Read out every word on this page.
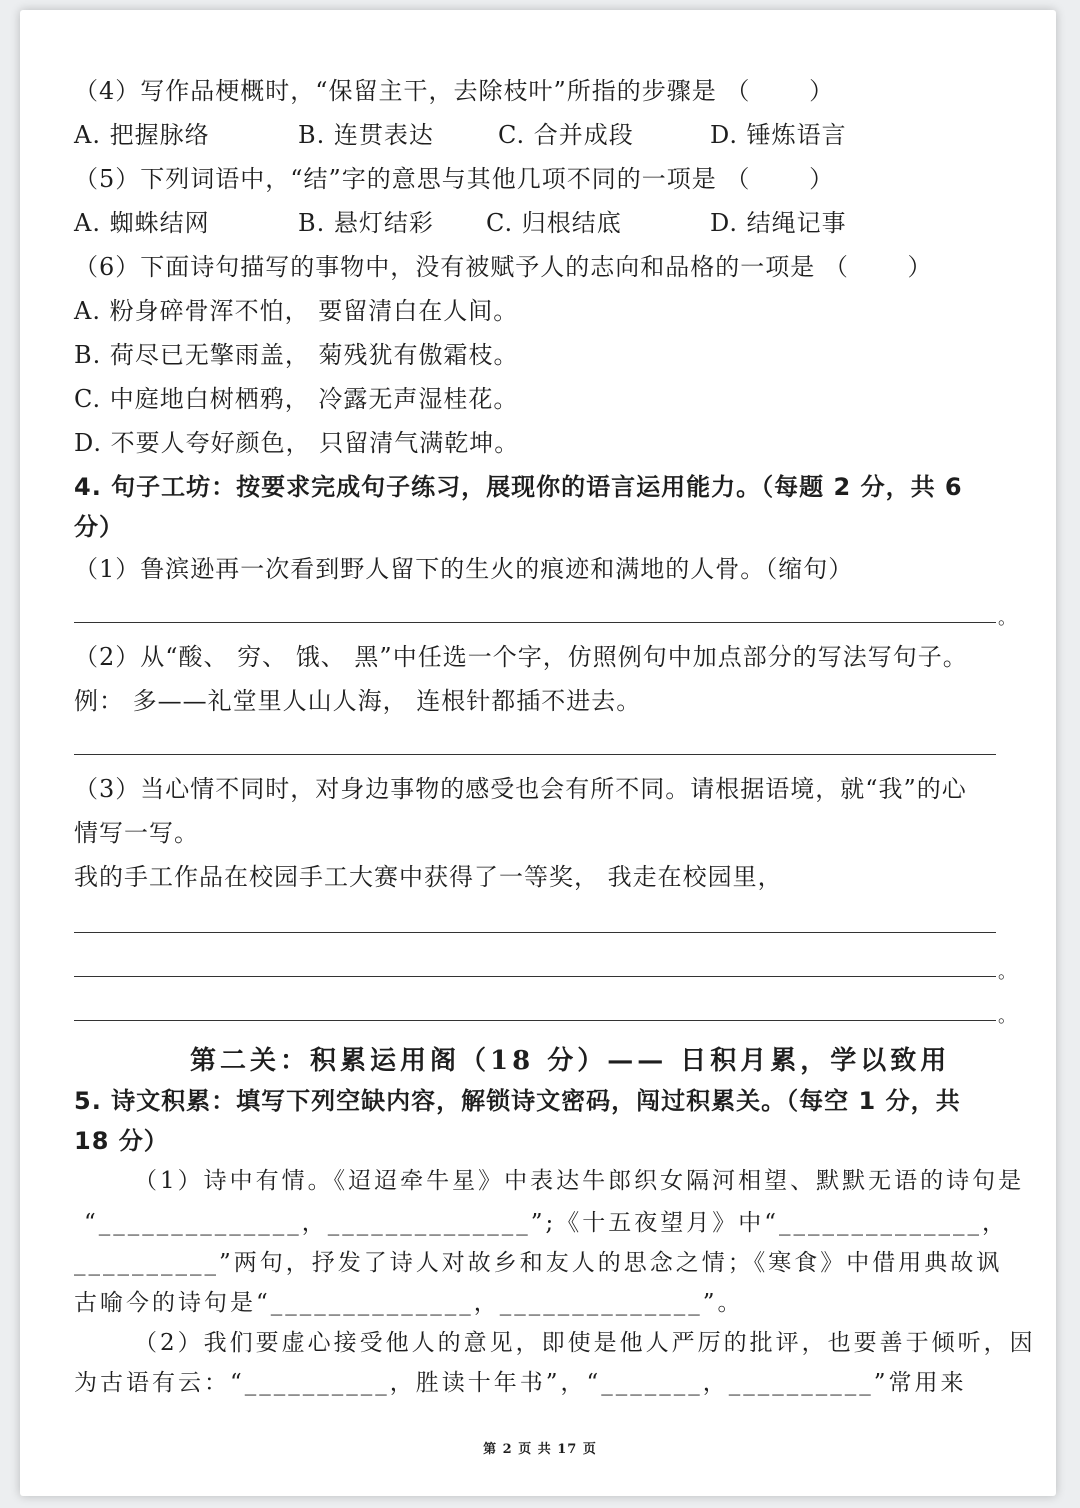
（4）写作品梗概时，“保留主干，去除枝叶”所指的步骤是 （　　 ）
A. 把握脉络	B. 连贯表达	C. 合并成段	D. 锤炼语言
（5）下列词语中，“结”字的意思与其他几项不同的一项是 （　　 ）
A. 蜘蛛结网	B. 悬灯结彩 C. 归根结底	D. 结绳记事
（6）下面诗句描写的事物中，没有被赋予人的志向和品格的一项是 （　　 ）
A. 粉身碎骨浑不怕， 要留清白在人间。
B. 荷尽已无擎雨盖， 菊残犹有傲霜枝。
C. 中庭地白树栖鸦， 冷露无声湿桂花。
D. 不要人夸好颜色， 只留清气满乾坤。
4. 句子工坊：按要求完成句子练习，展现你的语言运用能力。（每题 2 分，共 6
分）
（1）鲁滨逊再一次看到野人留下的生火的痕迹和满地的人骨。（缩句）
。
（2）从“酸、 穷、 饿、 黑”中任选一个字，仿照例句中加点部分的写法写句子。
例： 多——礼堂里人山人海， 连根针都插不进去。
（3）当心情不同时，对身边事物的感受也会有所不同。请根据语境，就“我”的心
情写一写。
我的手工作品在校园手工大赛中获得了一等奖， 我走在校园里，
。
。
第二关：积累运用阁（18 分）—— 日积月累，学以致用
5. 诗文积累：填写下列空缺内容，解锁诗文密码，闯过积累关。（每空 1 分，共
18 分）
（1）诗中有情。《迢迢牵牛星》中表达牛郎织女隔河相望、默默无语的诗句是
“______________，______________”;《十五夜望月》中“______________，
__________”两句，抒发了诗人对故乡和友人的思念之情；《寒食》中借用典故讽
古喻今的诗句是“______________，______________”。
（2）我们要虚心接受他人的意见，即使是他人严厉的批评，也要善于倾听，因
为古语有云：“__________，胜读十年书”，“_______，__________”常用来
第 2 页 共 17 页
